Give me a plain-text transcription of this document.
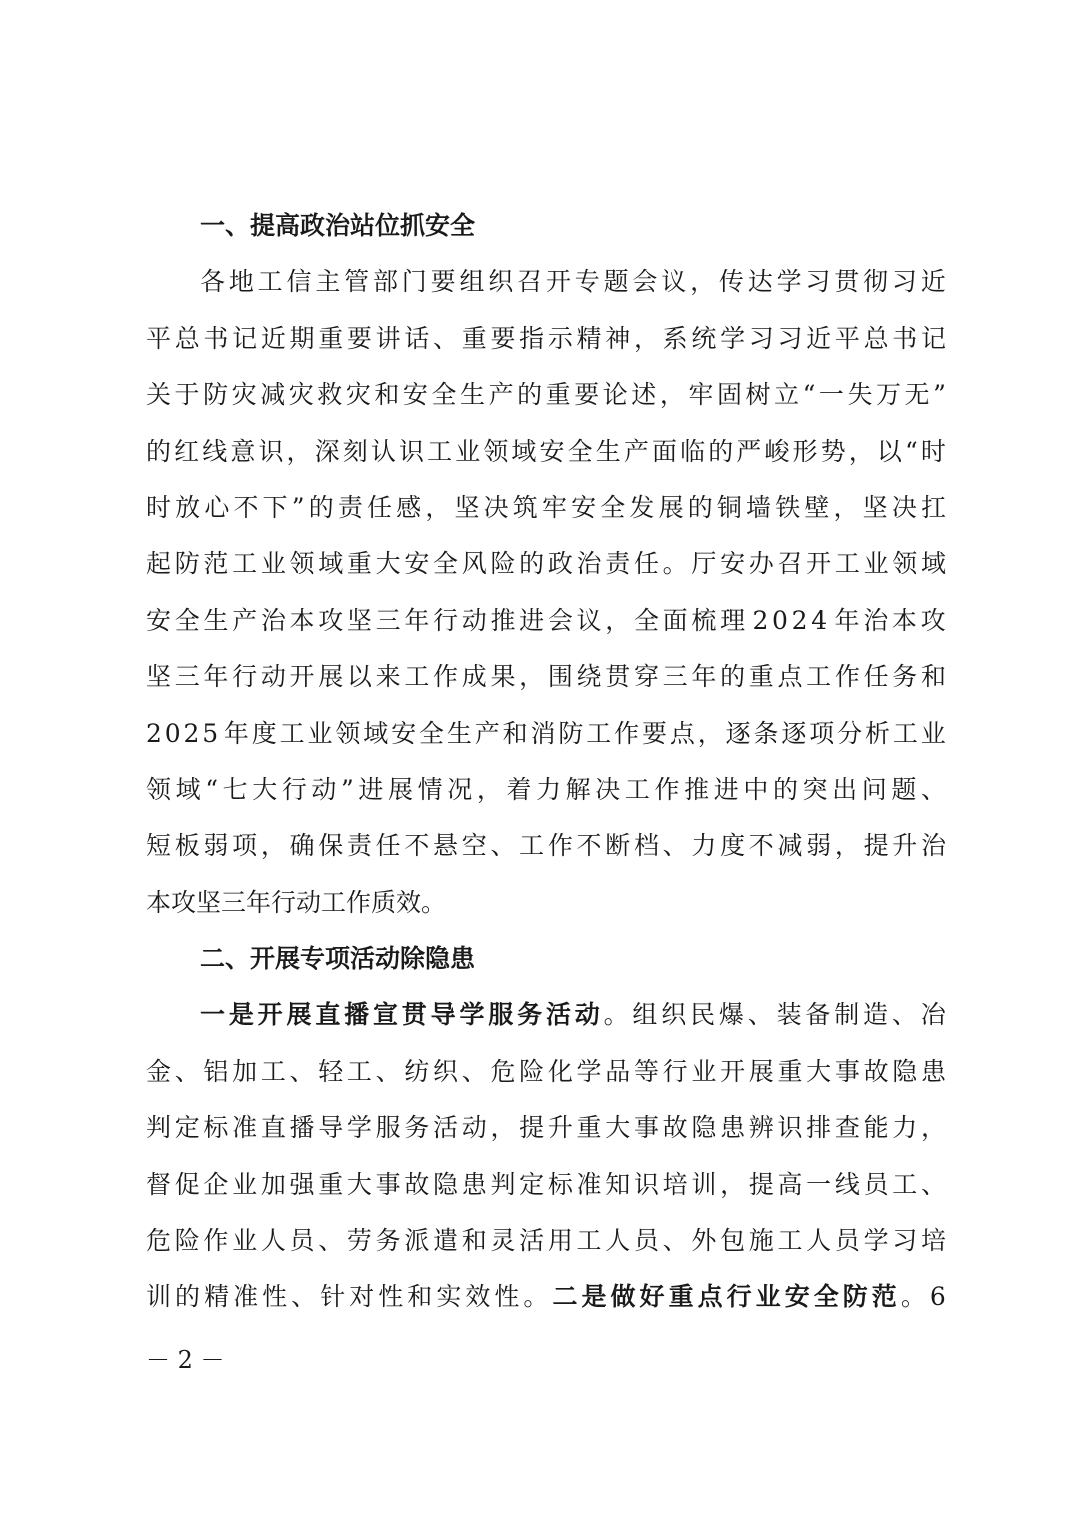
一、提高政治站位抓安全
各 地 工 信 主 管 部 门 要 组 织 召 开 专 题 会 议 ， 传 达 学 习 贯 彻 习 近
平 总 书 记 近 期 重 要 讲 话 、 重 要 指 示 精 神 ， 系 统 学 习 习 近 平 总 书 记
关 于 防 灾 减 灾 救 灾 和 安 全 生 产 的 重 要 论 述 ， 牢 固 树 立 “ 一 失 万 无 ”
的 红 线 意 识 ， 深 刻 认 识 工 业 领 域 安 全 生 产 面 临 的 严 峻 形 势 ， 以 “ 时
时 放 心 不 下 ” 的 责 任 感 ， 坚 决 筑 牢 安 全 发 展 的 铜 墙 铁 壁 ， 坚 决 扛
起 防 范 工 业 领 域 重 大 安 全 风 险 的 政 治 责 任 。 厅 安 办 召 开 工 业 领 域
安 全 生 产 治 本 攻 坚 三 年 行 动 推 进 会 议 ， 全 面 梳 理 2 0 2 4 年 治 本 攻
坚 三 年 行 动 开 展 以 来 工 作 成 果 ， 围 绕 贯 穿 三 年 的 重 点 工 作 任 务 和
2 0 2 5 年 度 工 业 领 域 安 全 生 产 和 消 防 工 作 要 点 ， 逐 条 逐 项 分 析 工 业
领 域 “ 七 大 行 动 ” 进 展 情 况 ， 着 力 解 决 工 作 推 进 中 的 突 出 问 题 、
短 板 弱 项 ， 确 保 责 任 不 悬 空 、 工 作 不 断 档 、 力 度 不 减 弱 ， 提 升 治
本攻坚三年行动工作质效。
二、开展专项活动除隐患
一 是 开 展 直 播 宣 贯 导 学 服 务 活 动 。 组 织 民 爆 、 装 备 制 造 、 冶
金 、 铝 加 工 、 轻 工 、 纺 织 、 危 险 化 学 品 等 行 业 开 展 重 大 事 故 隐 患
判 定 标 准 直 播 导 学 服 务 活 动 ， 提 升 重 大 事 故 隐 患 辨 识 排 查 能 力 ，
督 促 企 业 加 强 重 大 事 故 隐 患 判 定 标 准 知 识 培 训 ， 提 高 一 线 员 工 、
危 险 作 业 人 员 、 劳 务 派 遣 和 灵 活 用 工 人 员 、 外 包 施 工 人 员 学 习 培
训 的 精 准 性 、 针 对 性 和 实 效 性 。 二 是 做 好 重 点 行 业 安 全 防 范 。 6
－ 2 －
